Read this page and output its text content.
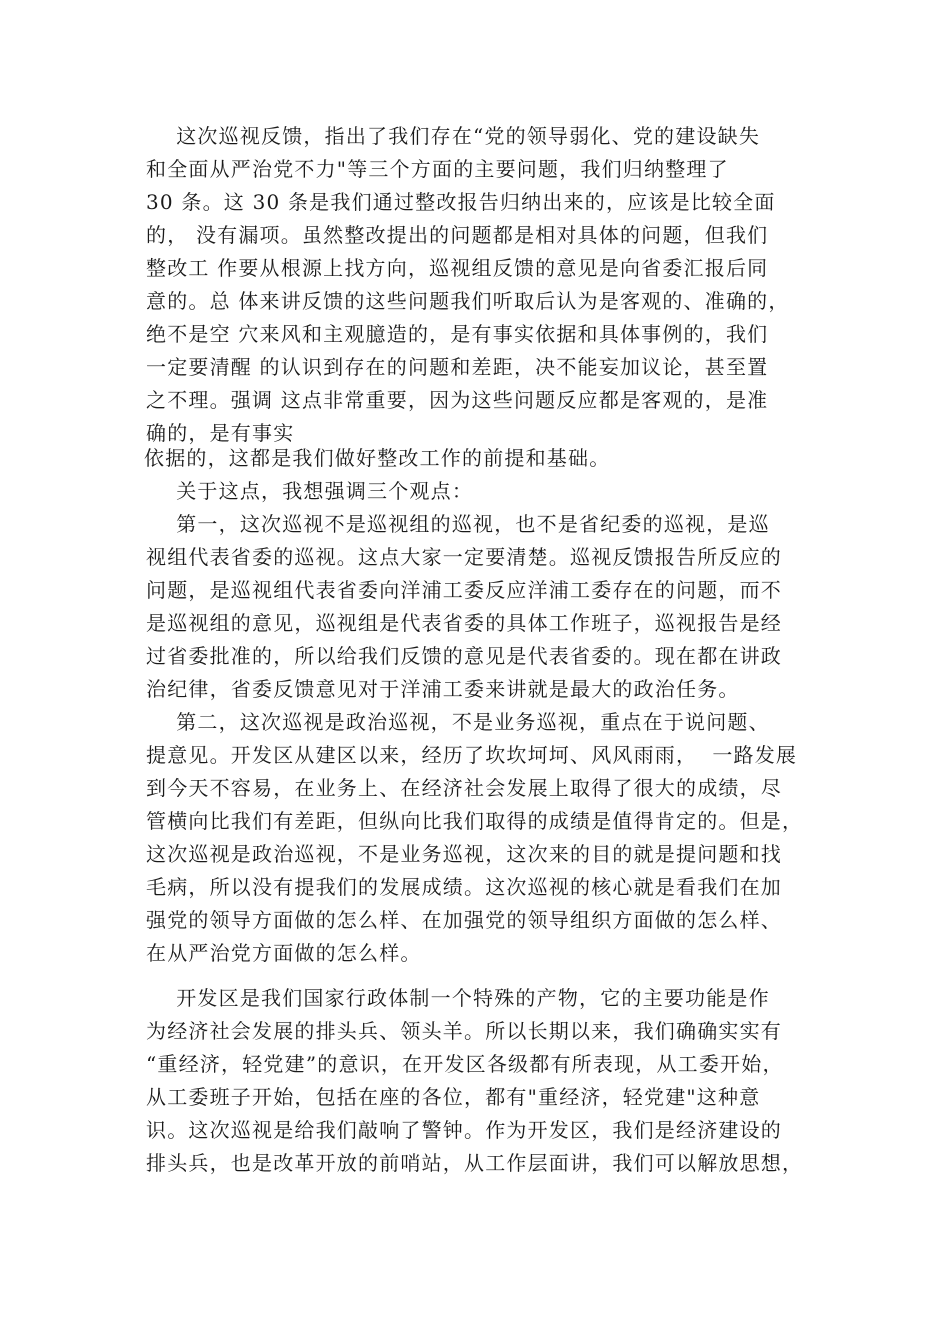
这次巡视反馈，指出了我们存在“党的领导弱化、党的建设缺失
和全面从严治党不力"等三个方面的主要问题，我们归纳整理了
30 条。这 30 条是我们通过整改报告归纳出来的，应该是比较全面
的， 没有漏项。虽然整改提出的问题都是相对具体的问题，但我们
整改工 作要从根源上找方向，巡视组反馈的意见是向省委汇报后同
意的。总 体来讲反馈的这些问题我们听取后认为是客观的、准确的，
绝不是空 穴来风和主观臆造的，是有事实依据和具体事例的，我们
一定要清醒 的认识到存在的问题和差距，决不能妄加议论，甚至置
之不理。强调 这点非常重要，因为这些问题反应都是客观的，是准
确的，是有事实
依据的，这都是我们做好整改工作的前提和基础。
关于这点，我想强调三个观点：
第一，这次巡视不是巡视组的巡视，也不是省纪委的巡视，是巡
视组代表省委的巡视。这点大家一定要清楚。巡视反馈报告所反应的
问题，是巡视组代表省委向洋浦工委反应洋浦工委存在的问题，而不
是巡视组的意见，巡视组是代表省委的具体工作班子，巡视报告是经
过省委批准的，所以给我们反馈的意见是代表省委的。现在都在讲政
治纪律，省委反馈意见对于洋浦工委来讲就是最大的政治任务。
第二，这次巡视是政治巡视，不是业务巡视，重点在于说问题、
提意见。开发区从建区以来，经历了坎坎坷坷、风风雨雨，  一路发展
到今天不容易，在业务上、在经济社会发展上取得了很大的成绩，尽
管横向比我们有差距，但纵向比我们取得的成绩是值得肯定的。但是，
这次巡视是政治巡视，不是业务巡视，这次来的目的就是提问题和找
毛病，所以没有提我们的发展成绩。这次巡视的核心就是看我们在加
强党的领导方面做的怎么样、在加强党的领导组织方面做的怎么样、
在从严治党方面做的怎么样。
开发区是我们国家行政体制一个特殊的产物，它的主要功能是作
为经济社会发展的排头兵、领头羊。所以长期以来，我们确确实实有
“重经济，轻党建”的意识，在开发区各级都有所表现，从工委开始，
从工委班子开始，包括在座的各位，都有"重经济，轻党建"这种意
识。这次巡视是给我们敲响了警钟。作为开发区，我们是经济建设的
排头兵，也是改革开放的前哨站，从工作层面讲，我们可以解放思想，
